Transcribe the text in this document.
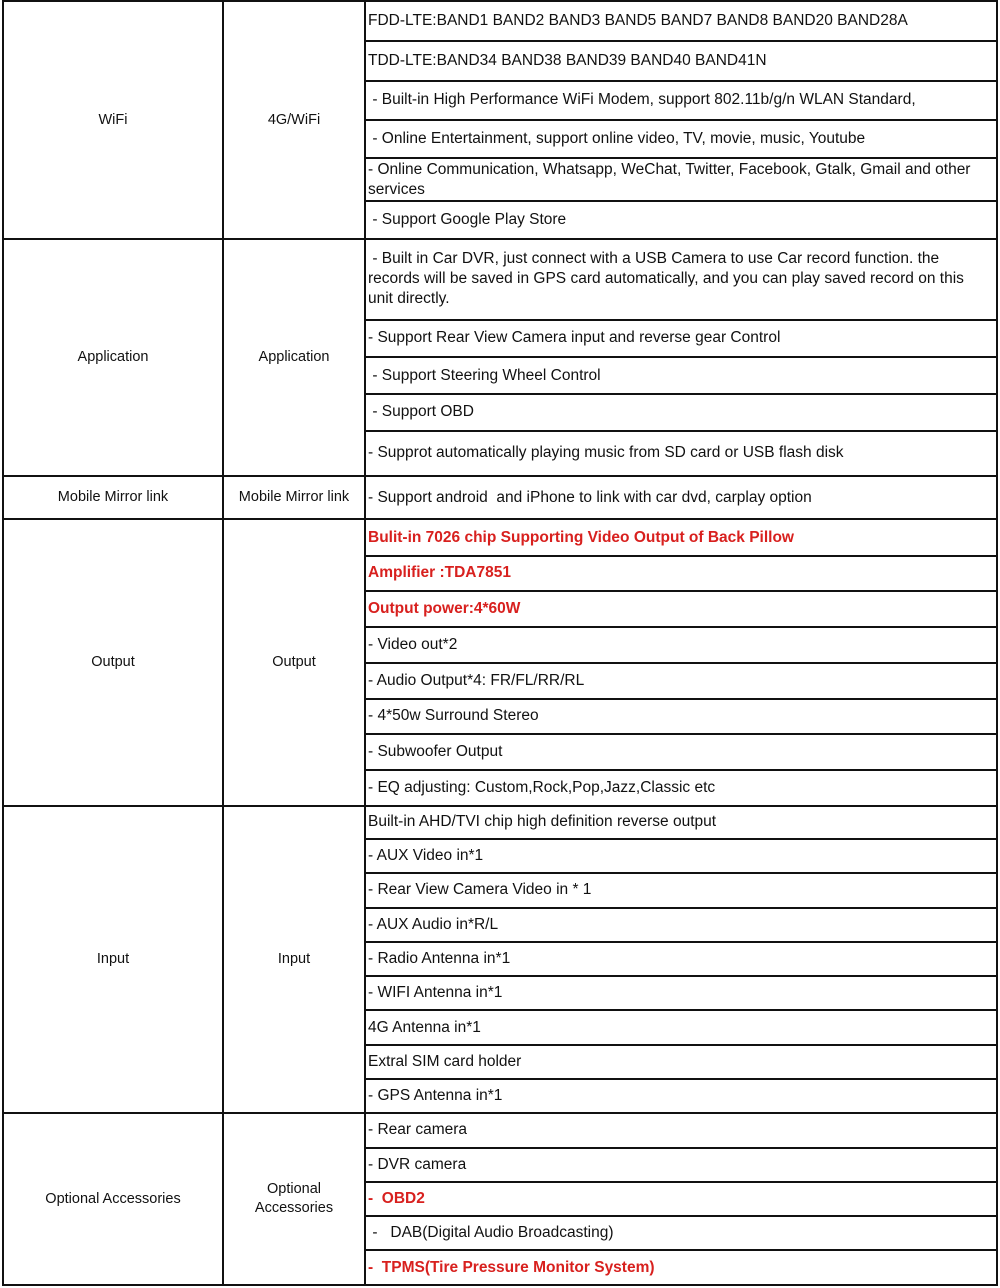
WiFi	4G/WiFi	FDD-LTE:BAND1 BAND2 BAND3 BAND5 BAND7 BAND8 BAND20 BAND28A
		TDD-LTE:BAND34 BAND38 BAND39 BAND40 BAND41N
		- Built-in High Performance WiFi Modem, support 802.11b/g/n WLAN Standard,
		- Online Entertainment, support online video, TV, movie, music, Youtube
		- Online Communication, Whatsapp, WeChat, Twitter, Facebook, Gtalk, Gmail and other services
		- Support Google Play Store
Application	Application	- Built in Car DVR, just connect with a USB Camera to use Car record function. the records will be saved in GPS card automatically, and you can play saved record on this unit directly.
		- Support Rear View Camera input and reverse gear Control
		- Support Steering Wheel Control
		- Support OBD
		- Supprot automatically playing music from SD card or USB flash disk
Mobile Mirror link	Mobile Mirror link	- Support android  and iPhone to link with car dvd, carplay option
Output	Output	Bulit-in 7026 chip Supporting Video Output of Back Pillow
		Amplifier :TDA7851
		Output power:4*60W
		- Video out*2
		- Audio Output*4: FR/FL/RR/RL
		- 4*50w Surround Stereo
		- Subwoofer Output
		- EQ adjusting: Custom,Rock,Pop,Jazz,Classic etc
Input	Input	Built-in AHD/TVI chip high definition reverse output
		- AUX Video in*1
		- Rear View Camera Video in * 1
		- AUX Audio in*R/L
		- Radio Antenna in*1
		- WIFI Antenna in*1
		4G Antenna in*1
		Extral SIM card holder
		- GPS Antenna in*1
Optional Accessories	Optional Accessories	- Rear camera
		- DVR camera
		-  OBD2
		-   DAB(Digital Audio Broadcasting)
		-  TPMS(Tire Pressure Monitor System)
